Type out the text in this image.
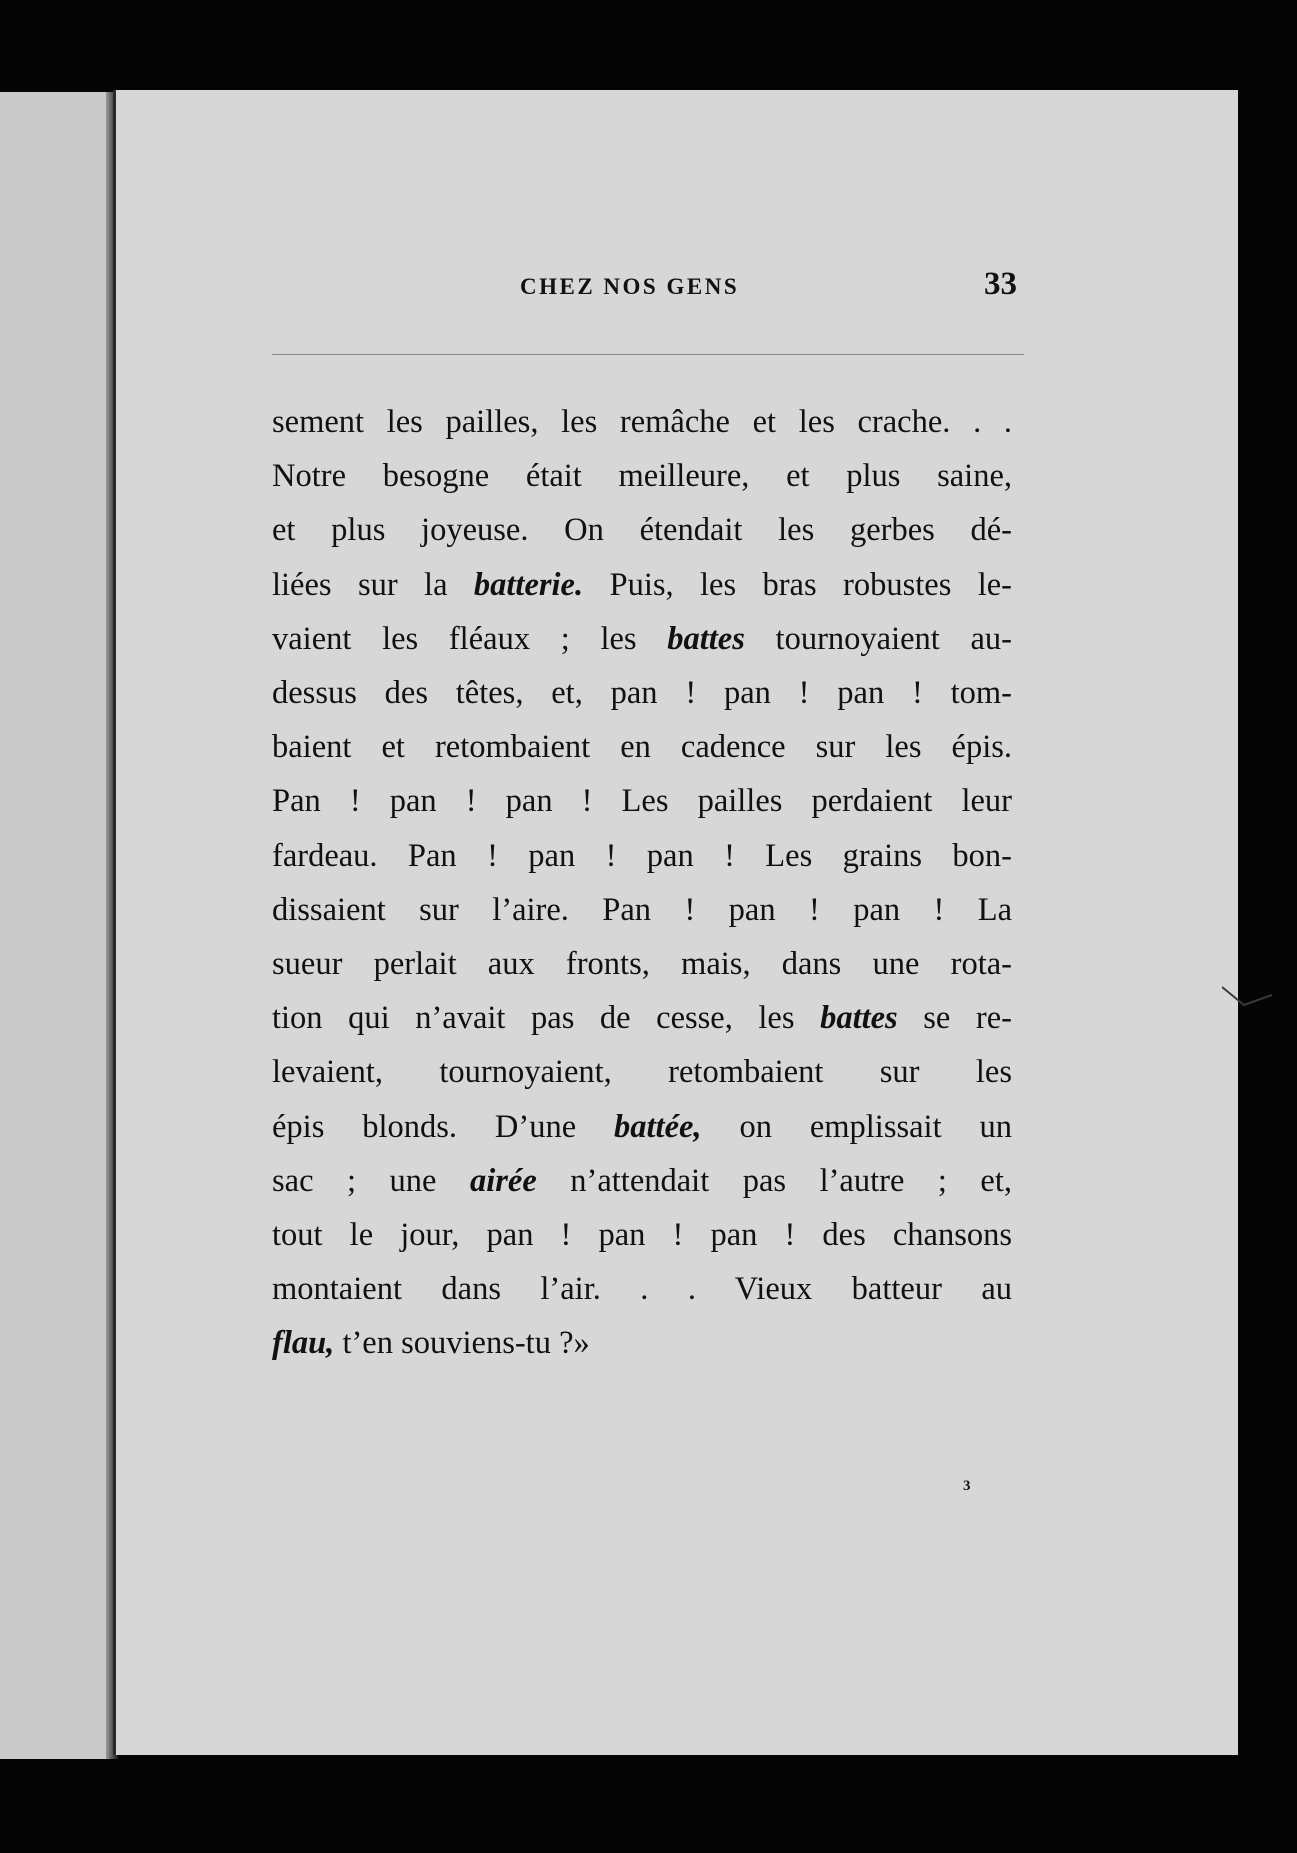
CHEZ NOS GENS	33
sement les pailles, les remâche et les crache. . .
Notre besogne était meilleure, et plus saine,
et plus joyeuse. On étendait les gerbes dé-
liées sur la batterie. Puis, les bras robustes le-
vaient les fléaux ; les battes tournoyaient au-
dessus des têtes, et, pan ! pan ! pan ! tom-
baient et retombaient en cadence sur les épis.
Pan ! pan ! pan ! Les pailles perdaient leur
fardeau. Pan ! pan ! pan ! Les grains bon-
dissaient sur l’aire. Pan ! pan ! pan ! La
sueur perlait aux fronts, mais, dans une rota-
tion qui n’avait pas de cesse, les battes se re-
levaient, tournoyaient, retombaient sur les
épis blonds. D’une battée, on emplissait un
sac ; une airée n’attendait pas l’autre ; et,
tout le jour, pan ! pan ! pan ! des chansons
montaient dans l’air. . . Vieux batteur au
flau, t’en souviens-tu ?»
3
